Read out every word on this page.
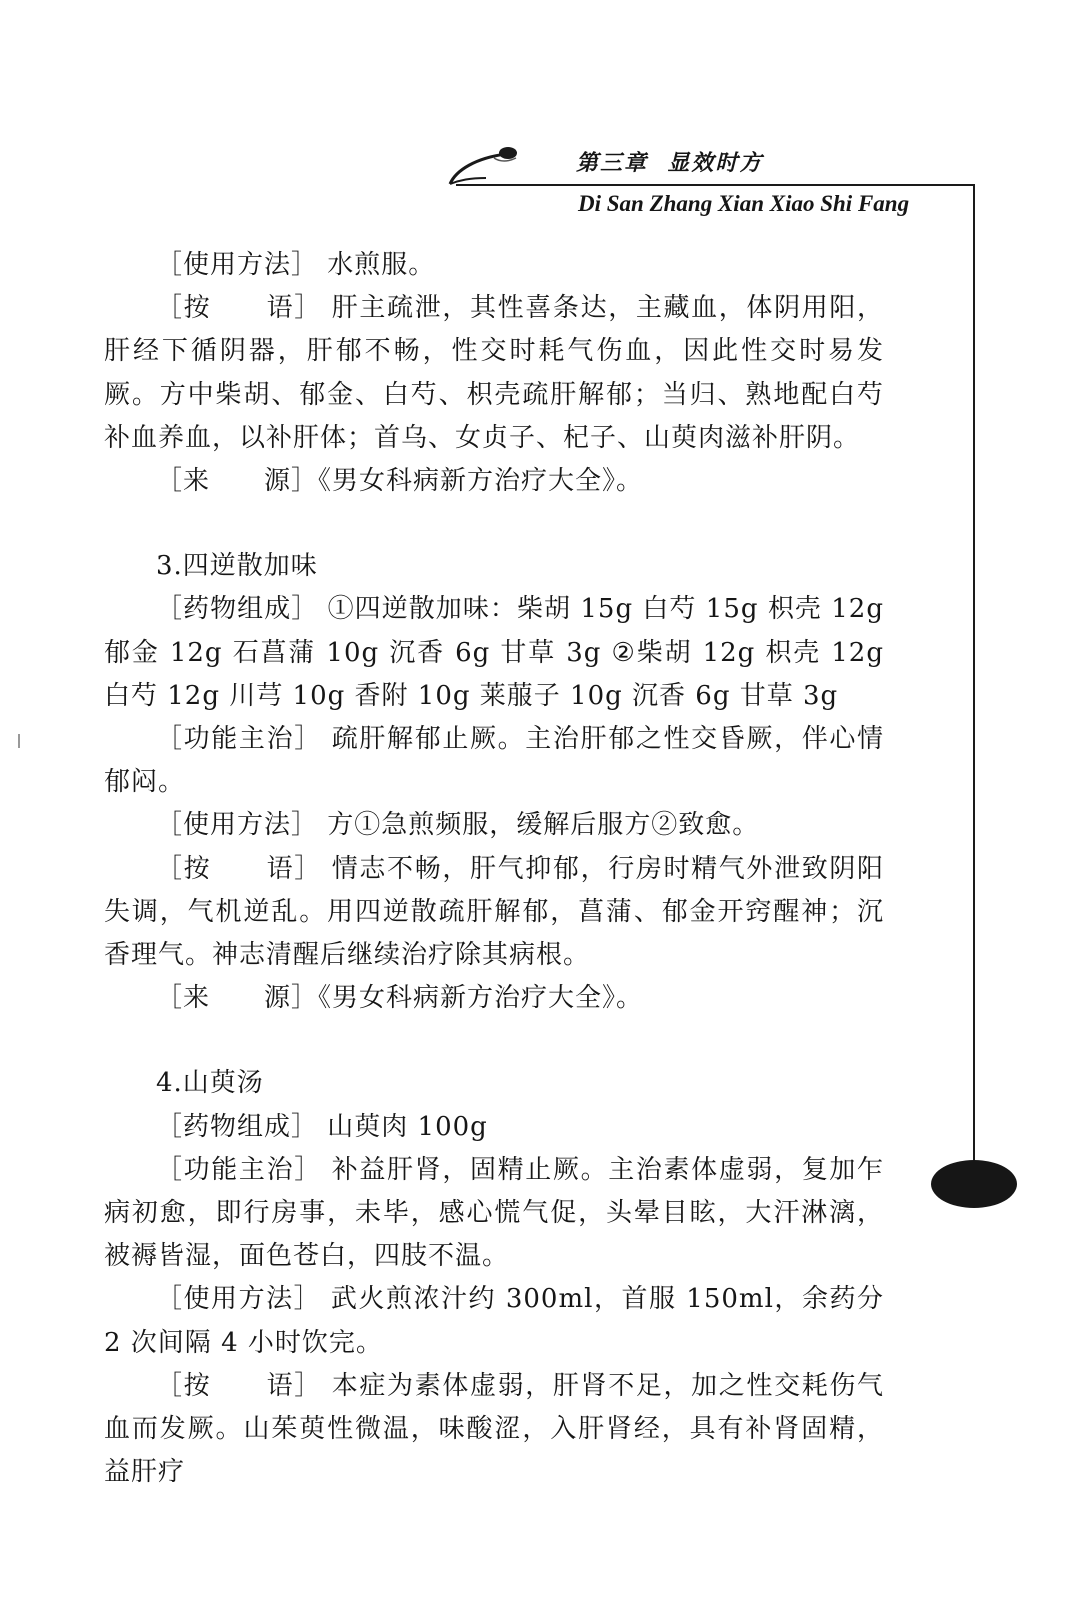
第三章  显效时方
Di San Zhang Xian Xiao Shi Fang

［使用方法］ 水煎服。

［按　　语］ 肝主疏泄，其性喜条达，主藏血，体阴用阳，肝经下循阴器，肝郁不畅，性交时耗气伤血，因此性交时易发厥。方中柴胡、郁金、白芍、枳壳疏肝解郁；当归、熟地配白芍补血养血，以补肝体；首乌、女贞子、杞子、山萸肉滋补肝阴。

［来　　源］《男女科病新方治疗大全》。

3.四逆散加味

［药物组成］ ①四逆散加味：柴胡 15g 白芍 15g 枳壳 12g 郁金 12g 石菖蒲 10g 沉香 6g 甘草 3g ②柴胡 12g 枳壳 12g 白芍 12g 川芎 10g 香附 10g 莱菔子 10g 沉香 6g 甘草 3g

［功能主治］ 疏肝解郁止厥。主治肝郁之性交昏厥，伴心情郁闷。

［使用方法］ 方①急煎频服，缓解后服方②致愈。

［按　　语］ 情志不畅，肝气抑郁，行房时精气外泄致阴阳失调，气机逆乱。用四逆散疏肝解郁，菖蒲、郁金开窍醒神；沉香理气。神志清醒后继续治疗除其病根。

［来　　源］《男女科病新方治疗大全》。

4.山萸汤

［药物组成］ 山萸肉 100g

［功能主治］ 补益肝肾，固精止厥。主治素体虚弱，复加乍病初愈，即行房事，未毕，感心慌气促，头晕目眩，大汗淋漓，被褥皆湿，面色苍白，四肢不温。

［使用方法］ 武火煎浓汁约 300ml，首服 150ml，余药分 2 次间隔 4 小时饮完。

［按　　语］ 本症为素体虚弱，肝肾不足，加之性交耗伤气血而发厥。山茱萸性微温，味酸涩，入肝肾经，具有补肾固精，益肝疗
